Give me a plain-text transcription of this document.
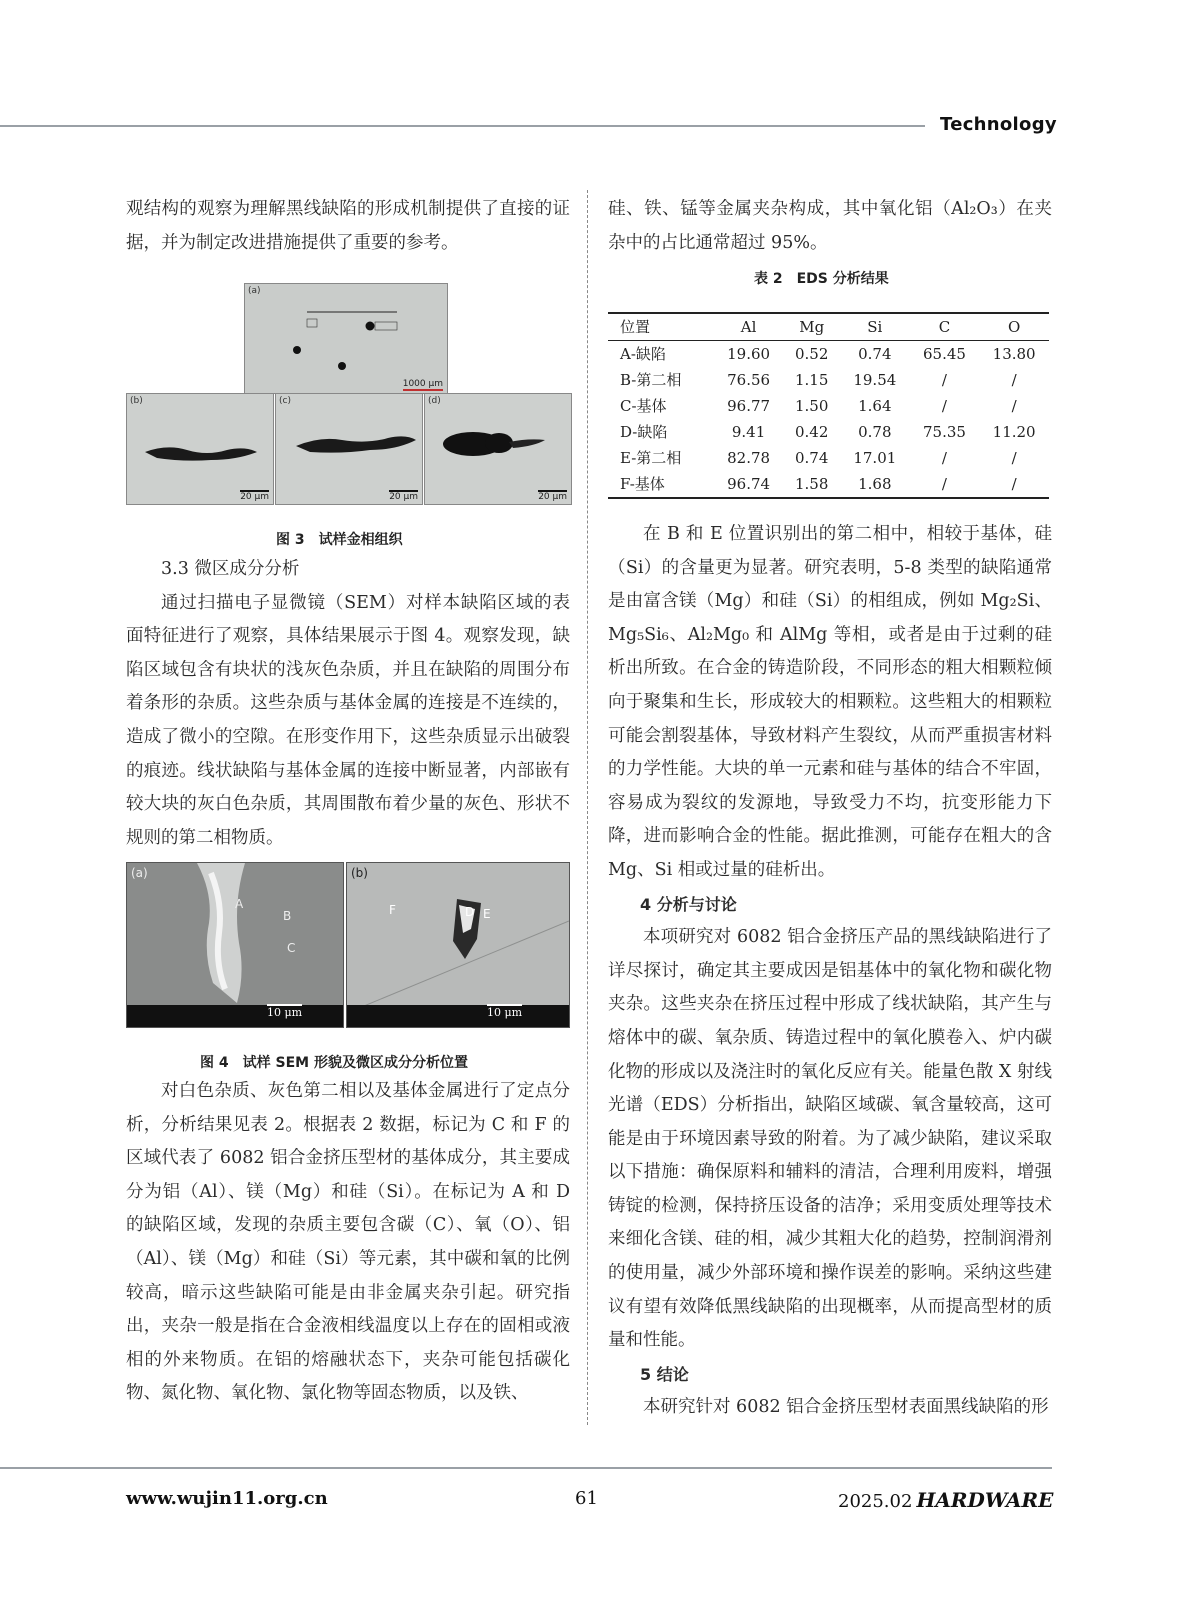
Technology

观结构的观察为理解黑线缺陷的形成机制提供了直接的证据，并为制定改进措施提供了重要的参考。

(a)
1000 μm
(b)
20 μm
(c)
20 μm
(d)
20 μm
图 3　试样金相组织

3.3 微区成分分析

通过扫描电子显微镜（SEM）对样本缺陷区域的表面特征进行了观察，具体结果展示于图 4。观察发现，缺陷区域包含有块状的浅灰色杂质，并且在缺陷的周围分布着条形的杂质。这些杂质与基体金属的连接是不连续的，造成了微小的空隙。在形变作用下，这些杂质显示出破裂的痕迹。线状缺陷与基体金属的连接中断显著，内部嵌有较大块的灰白色杂质，其周围散布着少量的灰色、形状不规则的第二相物质。

(a)
A
B
C
10 μm
(b)
D E
F
10 μm
图 4　试样 SEM 形貌及微区成分分析位置

对白色杂质、灰色第二相以及基体金属进行了定点分析，分析结果见表 2。根据表 2 数据，标记为 C 和 F 的区域代表了 6082 铝合金挤压型材的基体成分，其主要成分为铝（Al）、镁（Mg）和硅（Si）。在标记为 A 和 D 的缺陷区域，发现的杂质主要包含碳（C）、氧（O）、铝（Al）、镁（Mg）和硅（Si）等元素，其中碳和氧的比例较高，暗示这些缺陷可能是由非金属夹杂引起。研究指出，夹杂一般是指在合金液相线温度以上存在的固相或液相的外来物质。在铝的熔融状态下，夹杂可能包括碳化物、氮化物、氧化物、氯化物等固态物质，以及铁、

硅、铁、锰等金属夹杂构成，其中氧化铝（Al₂O₃）在夹杂中的占比通常超过 95%。

表 2　EDS 分析结果
位置	Al	Mg	Si	C	O
A-缺陷	19.60	0.52	0.74	65.45	13.80
B-第二相	76.56	1.15	19.54	/	/
C-基体	96.77	1.50	1.64	/	/
D-缺陷	9.41	0.42	0.78	75.35	11.20
E-第二相	82.78	0.74	17.01	/	/
F-基体	96.74	1.58	1.68	/	/

在 B 和 E 位置识别出的第二相中，相较于基体，硅（Si）的含量更为显著。研究表明，5-8 类型的缺陷通常是由富含镁（Mg）和硅（Si）的相组成，例如 Mg₂Si、Mg₅Si₆、Al₂Mg₀ 和 AlMg 等相，或者是由于过剩的硅析出所致。在合金的铸造阶段，不同形态的粗大相颗粒倾向于聚集和生长，形成较大的相颗粒。这些粗大的相颗粒可能会割裂基体，导致材料产生裂纹，从而严重损害材料的力学性能。大块的单一元素和硅与基体的结合不牢固，容易成为裂纹的发源地，导致受力不均，抗变形能力下降，进而影响合金的性能。据此推测，可能存在粗大的含 Mg、Si 相或过量的硅析出。

4 分析与讨论

本项研究对 6082 铝合金挤压产品的黑线缺陷进行了详尽探讨，确定其主要成因是铝基体中的氧化物和碳化物夹杂。这些夹杂在挤压过程中形成了线状缺陷，其产生与熔体中的碳、氧杂质、铸造过程中的氧化膜卷入、炉内碳化物的形成以及浇注时的氧化反应有关。能量色散 X 射线光谱（EDS）分析指出，缺陷区域碳、氧含量较高，这可能是由于环境因素导致的附着。为了减少缺陷，建议采取以下措施：确保原料和辅料的清洁，合理利用废料，增强铸锭的检测，保持挤压设备的洁净；采用变质处理等技术来细化含镁、硅的相，减少其粗大化的趋势，控制润滑剂的使用量，减少外部环境和操作误差的影响。采纳这些建议有望有效降低黑线缺陷的出现概率，从而提高型材的质量和性能。

5 结论

本研究针对 6082 铝合金挤压型材表面黑线缺陷的形

www.wujin11.org.cn	61	2025.02 HARDWARE
